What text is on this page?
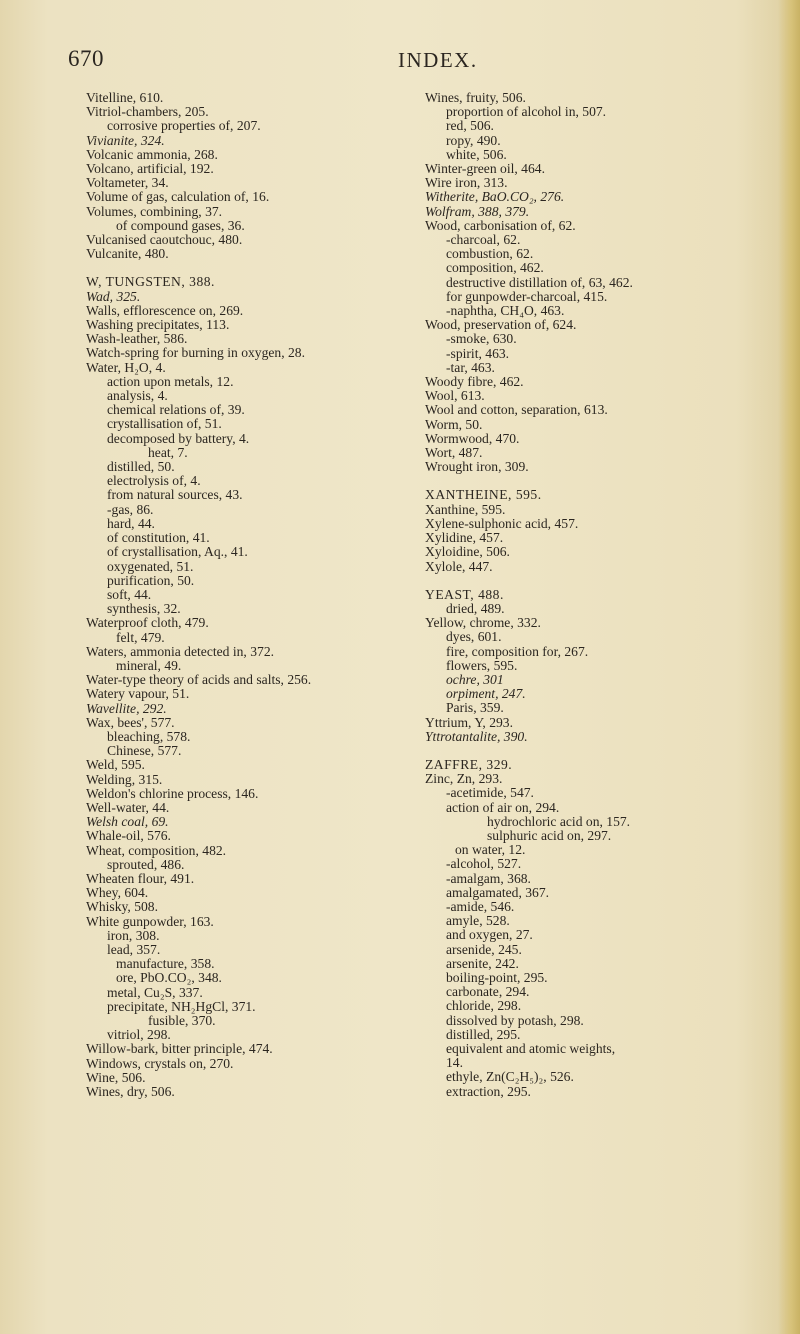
670	INDEX.
Vitelline, 610.
Vitriol-chambers, 205.
corrosive properties of, 207.
Vivianite, 324.
Volcanic ammonia, 268.
Volcano, artificial, 192.
Voltameter, 34.
Volume of gas, calculation of, 16.
Volumes, combining, 37.
of compound gases, 36.
Vulcanised caoutchouc, 480.
Vulcanite, 480.
W, TUNGSTEN, 388.
Wad, 325.
Walls, efflorescence on, 269.
Washing precipitates, 113.
Wash-leather, 586.
Watch-spring for burning in oxygen, 28.
Water, H₂O, 4.
action upon metals, 12.
analysis, 4.
chemical relations of, 39.
crystallisation of, 51.
decomposed by battery, 4.
heat, 7.
distilled, 50.
electrolysis of, 4.
from natural sources, 43.
-gas, 86.
hard, 44.
of constitution, 41.
of crystallisation, Aq., 41.
oxygenated, 51.
purification, 50.
soft, 44.
synthesis, 32.
Waterproof cloth, 479.
felt, 479.
Waters, ammonia detected in, 372.
mineral, 49.
Water-type theory of acids and salts, 256.
Watery vapour, 51.
Wavellite, 292.
Wax, bees', 577.
bleaching, 578.
Chinese, 577.
Weld, 595.
Welding, 315.
Weldon's chlorine process, 146.
Well-water, 44.
Welsh coal, 69.
Whale-oil, 576.
Wheat, composition, 482.
sprouted, 486.
Wheaten flour, 491.
Whey, 604.
Whisky, 508.
White gunpowder, 163.
iron, 308.
lead, 357.
manufacture, 358.
ore, PbO.CO₂, 348.
metal, Cu₂S, 337.
precipitate, NH₂HgCl, 371.
fusible, 370.
vitriol, 298.
Willow-bark, bitter principle, 474.
Windows, crystals on, 270.
Wine, 506.
Wines, dry, 506.
Wines, fruity, 506.
proportion of alcohol in, 507.
red, 506.
ropy, 490.
white, 506.
Winter-green oil, 464.
Wire iron, 313.
Witherite, BaO.CO₂, 276.
Wolfram, 388, 379.
Wood, carbonisation of, 62.
-charcoal, 62.
combustion, 62.
composition, 462.
destructive distillation of, 63, 462.
for gunpowder-charcoal, 415.
-naphtha, CH₄O, 463.
Wood, preservation of, 624.
-smoke, 630.
-spirit, 463.
-tar, 463.
Woody fibre, 462.
Wool, 613.
Wool and cotton, separation, 613.
Worm, 50.
Wormwood, 470.
Wort, 487.
Wrought iron, 309.
XANTHEINE, 595.
Xanthine, 595.
Xylene-sulphonic acid, 457.
Xylidine, 457.
Xyloidine, 506.
Xylole, 447.
YEAST, 488.
dried, 489.
Yellow, chrome, 332.
dyes, 601.
fire, composition for, 267.
flowers, 595.
ochre, 301
orpiment, 247.
Paris, 359.
Yttrium, Y, 293.
Yttrotantalite, 390.
ZAFFRE, 329.
Zinc, Zn, 293.
-acetimide, 547.
action of air on, 294.
hydrochloric acid on, 157.
sulphuric acid on, 297.
on water, 12.
-alcohol, 527.
-amalgam, 368.
amalgamated, 367.
-amide, 546.
amyle, 528.
and oxygen, 27.
arsenide, 245.
arsenite, 242.
boiling-point, 295.
carbonate, 294.
chloride, 298.
dissolved by potash, 298.
distilled, 295.
equivalent and atomic weights,
14.
ethyle, Zn(C₂H₅)₂, 526.
extraction, 295.
